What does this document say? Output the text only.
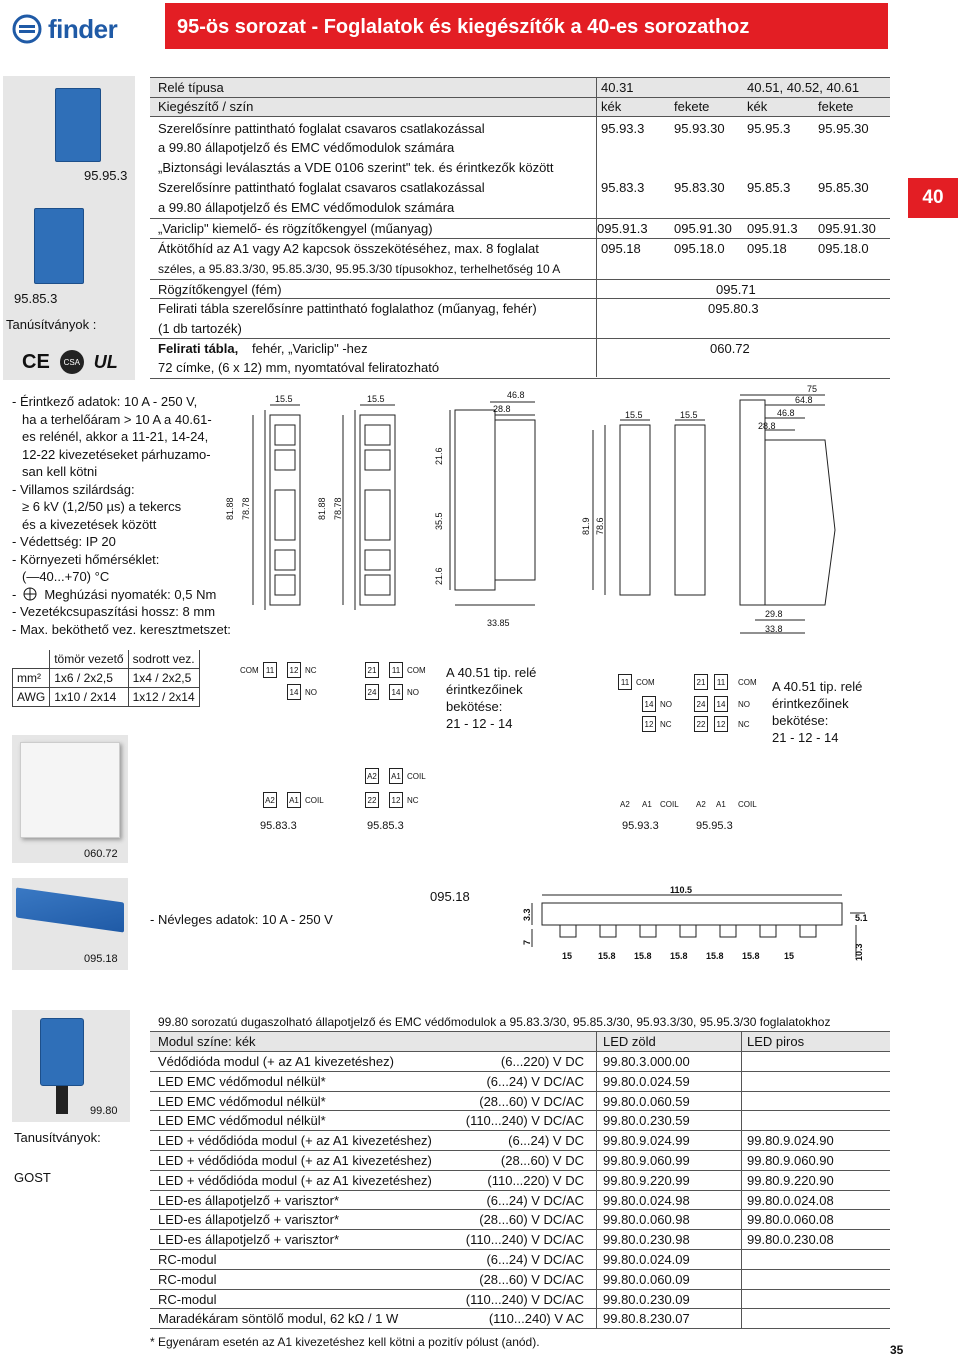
finder	95-ös sorozat - Foglalatok és kiegészítők a 40-es sorozathoz
40
95.95.3
95.85.3
Tanúsítványok :
CE	CSA UL
Relé típusa	40.31	40.51, 40.52, 40.61
Kiegészítő / szín	kék	fekete	kék	fekete
Szerelősínre pattintható foglalat csavaros csatlakozással
a 99.80 állapotjelző és EMC védőmodulok számára
95.93.3 95.93.30 95.95.3 95.95.30
„Biztonsági leválasztás a VDE 0106 szerint" tek. és érintkezők között
Szerelősínre pattintható foglalat csavaros csatlakozással
a 99.80 állapotjelző és EMC védőmodulok számára
95.83.3 95.83.30 95.85.3 95.85.30
„Variclip" kiemelő- és rögzítőkengyel (műanyag)	095.91.3 095.91.30 095.91.3 095.91.30
Átkötőhíd az A1 vagy A2 kapcsok összekötéséhez, max. 8 foglalat
széles, a 95.83.3/30, 95.85.3/30, 95.95.3/30 típusokhoz, terhelhetőség 10 A
095.18	095.18.0 095.18 095.18.0
Rögzítőkengyel (fém)	095.71
Felirati tábla szerelősínre pattintható foglalathoz (műanyag, fehér)
(1 db tartozék)
095.80.3
Felirati tábla, fehér, „Variclip" -hez
72 címke, (6 x 12) mm, nyomtatóval feliratozható
060.72
- Érintkező adatok: 10 A - 250 V,
ha a terhelőáram > 10 A a 40.61-
es relénél, akkor a 11-21, 14-24,
12-22 kivezetéseket párhuzamo-
san kell kötni
- Villamos szilárdság:
≥ 6 kV (1,2/50 µs) a tekercs
és a kivezetések között
- Védettség: IP 20
- Környezeti hőmérséklet:
(—40...+70) °C
- Meghúzási nyomaték: 0,5 Nm
- Vezetékcsupaszítási hossz: 8 mm
- Max. beköthető vez. keresztmetszet:
15.5
81.88 78.78
15.5
81.88 78.78
46.8
28.8
21.6
35.5
21.6
33.85
15.5	15.5
81.9 78.6
75
64.8
46.8
28.8
29.8
33.8
	tömör vezető	sodrott vez.
mm²	1x6 / 2x2,5	1x4 / 2x2,5
AWG	1x10 / 2x14	1x12 / 2x14
COM 11	12 NC
14 NO
A2 A1 COIL
95.83.3
21	11 COM
24	14 NO
A2 A1 COIL
22	12 NC
95.85.3
A 40.51 tip. relé
érintkezőinek
bekötése:
21 - 12 - 14
11 COM
14 NO
12 NC
A2 A1 COIL
95.93.3
21	11	COM
24	14	NO
22	12	NC
A2 A1 COIL
95.95.3
A 40.51 tip. relé
érintkezőinek
bekötése:
21 - 12 - 14
060.72
095.18
095.18
- Névleges adatok: 10 A - 250 V
110.5
3.3
7
5.1
10.3
15	15.8 15.8 15.8 15.8 15.8	15
99.80
Tanusítványok:
GOST
99.80 sorozatú dugaszolható állapotjelző és EMC védőmodulok a 95.83.3/30, 95.85.3/30, 95.93.3/30, 95.95.3/30 foglalatokhoz
Modul színe: kék	LED zöld	LED piros
Védődióda modul (+ az A1 kivezetéshez)	(6...220) V DC 99.80.3.000.00
LED EMC védőmodul nélkül*	(6...24) V DC/AC 99.80.0.024.59
LED EMC védőmodul nélkül*	(28...60) V DC/AC 99.80.0.060.59
LED EMC védőmodul nélkül*	(110...240) V DC/AC 99.80.0.230.59
LED + védődióda modul (+ az A1 kivezetéshez)	(6...24) V DC 99.80.9.024.99	99.80.9.024.90
LED + védődióda modul (+ az A1 kivezetéshez)	(28...60) V DC 99.80.9.060.99	99.80.9.060.90
LED + védődióda modul (+ az A1 kivezetéshez)	(110...220) V DC 99.80.9.220.99	99.80.9.220.90
LED-es állapotjelző + varisztor*	(6...24) V DC/AC 99.80.0.024.98	99.80.0.024.08
LED-es állapotjelző + varisztor*	(28...60) V DC/AC 99.80.0.060.98	99.80.0.060.08
LED-es állapotjelző + varisztor*	(110...240) V DC/AC 99.80.0.230.98	99.80.0.230.08
RC-modul	(6...24) V DC/AC 99.80.0.024.09
RC-modul	(28...60) V DC/AC 99.80.0.060.09
RC-modul	(110...240) V DC/AC 99.80.0.230.09
Maradékáram söntölő modul, 62 kΩ / 1 W	(110...240) V AC 99.80.8.230.07
* Egyenáram esetén az A1 kivezetéshez kell kötni a pozitív pólust (anód).
35
